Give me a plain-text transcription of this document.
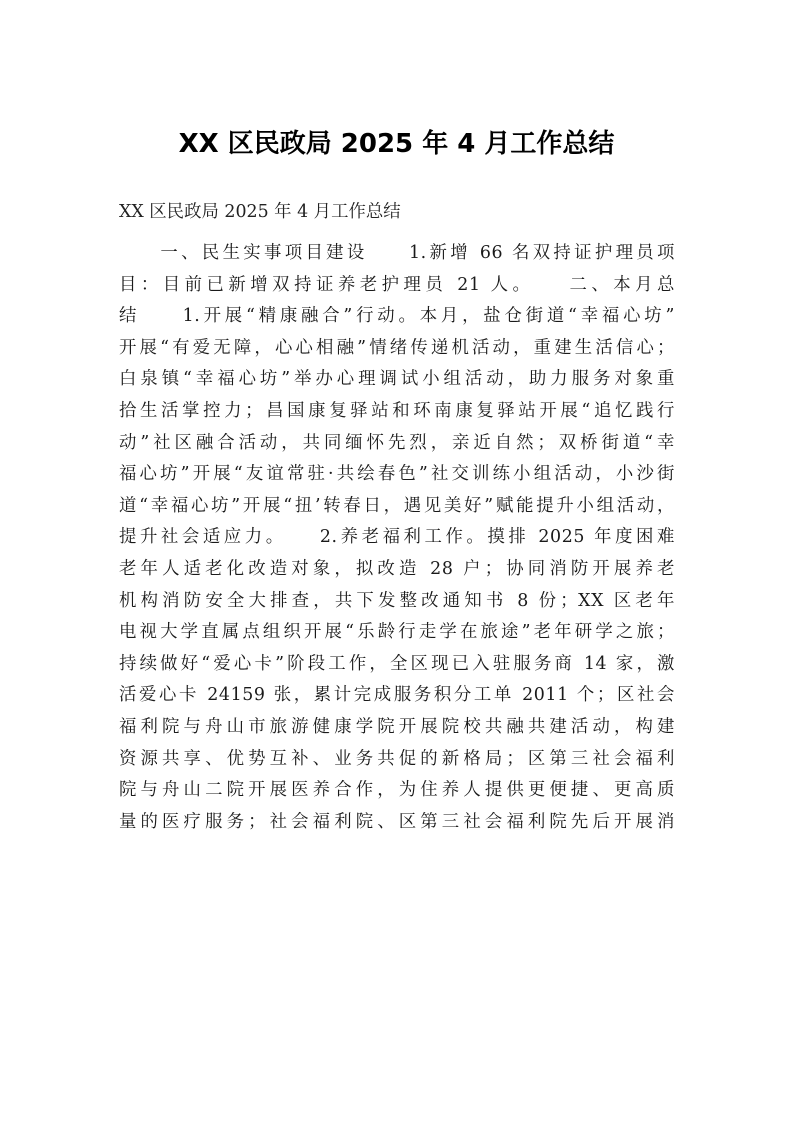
XX 区民政局 2025 年 4 月工作总结

XX 区民政局 2025 年 4 月工作总结

　　一、民生实事项目建设　　1.新增 66 名双持证护理员项
目：目前已新增双持证养老护理员 21 人。　　二、本月总
结　　1.开展“精康融合”行动。本月，盐仓街道“幸福心坊”
开展“有爱无障，心心相融”情绪传递机活动，重建生活信心；
白泉镇“幸福心坊”举办心理调试小组活动，助力服务对象重
拾生活掌控力；昌国康复驿站和环南康复驿站开展“追忆践行
动”社区融合活动，共同缅怀先烈，亲近自然；双桥街道“幸
福心坊”开展“友谊常驻·共绘春色”社交训练小组活动，小沙街
道“幸福心坊”开展“扭’转春日，遇见美好”赋能提升小组活动，
提升社会适应力。　　2.养老福利工作。摸排 2025 年度困难
老年人适老化改造对象，拟改造 28 户；协同消防开展养老
机构消防安全大排查，共下发整改通知书 8 份；XX 区老年
电视大学直属点组织开展“乐龄行走学在旅途”老年研学之旅；
持续做好“爱心卡”阶段工作，全区现已入驻服务商 14 家，激
活爱心卡 24159 张，累计完成服务积分工单 2011 个；区社会
福利院与舟山市旅游健康学院开展院校共融共建活动，构建
资源共享、优势互补、业务共促的新格局；区第三社会福利
院与舟山二院开展医养合作，为住养人提供更便捷、更高质
量的医疗服务；社会福利院、区第三社会福利院先后开展消
